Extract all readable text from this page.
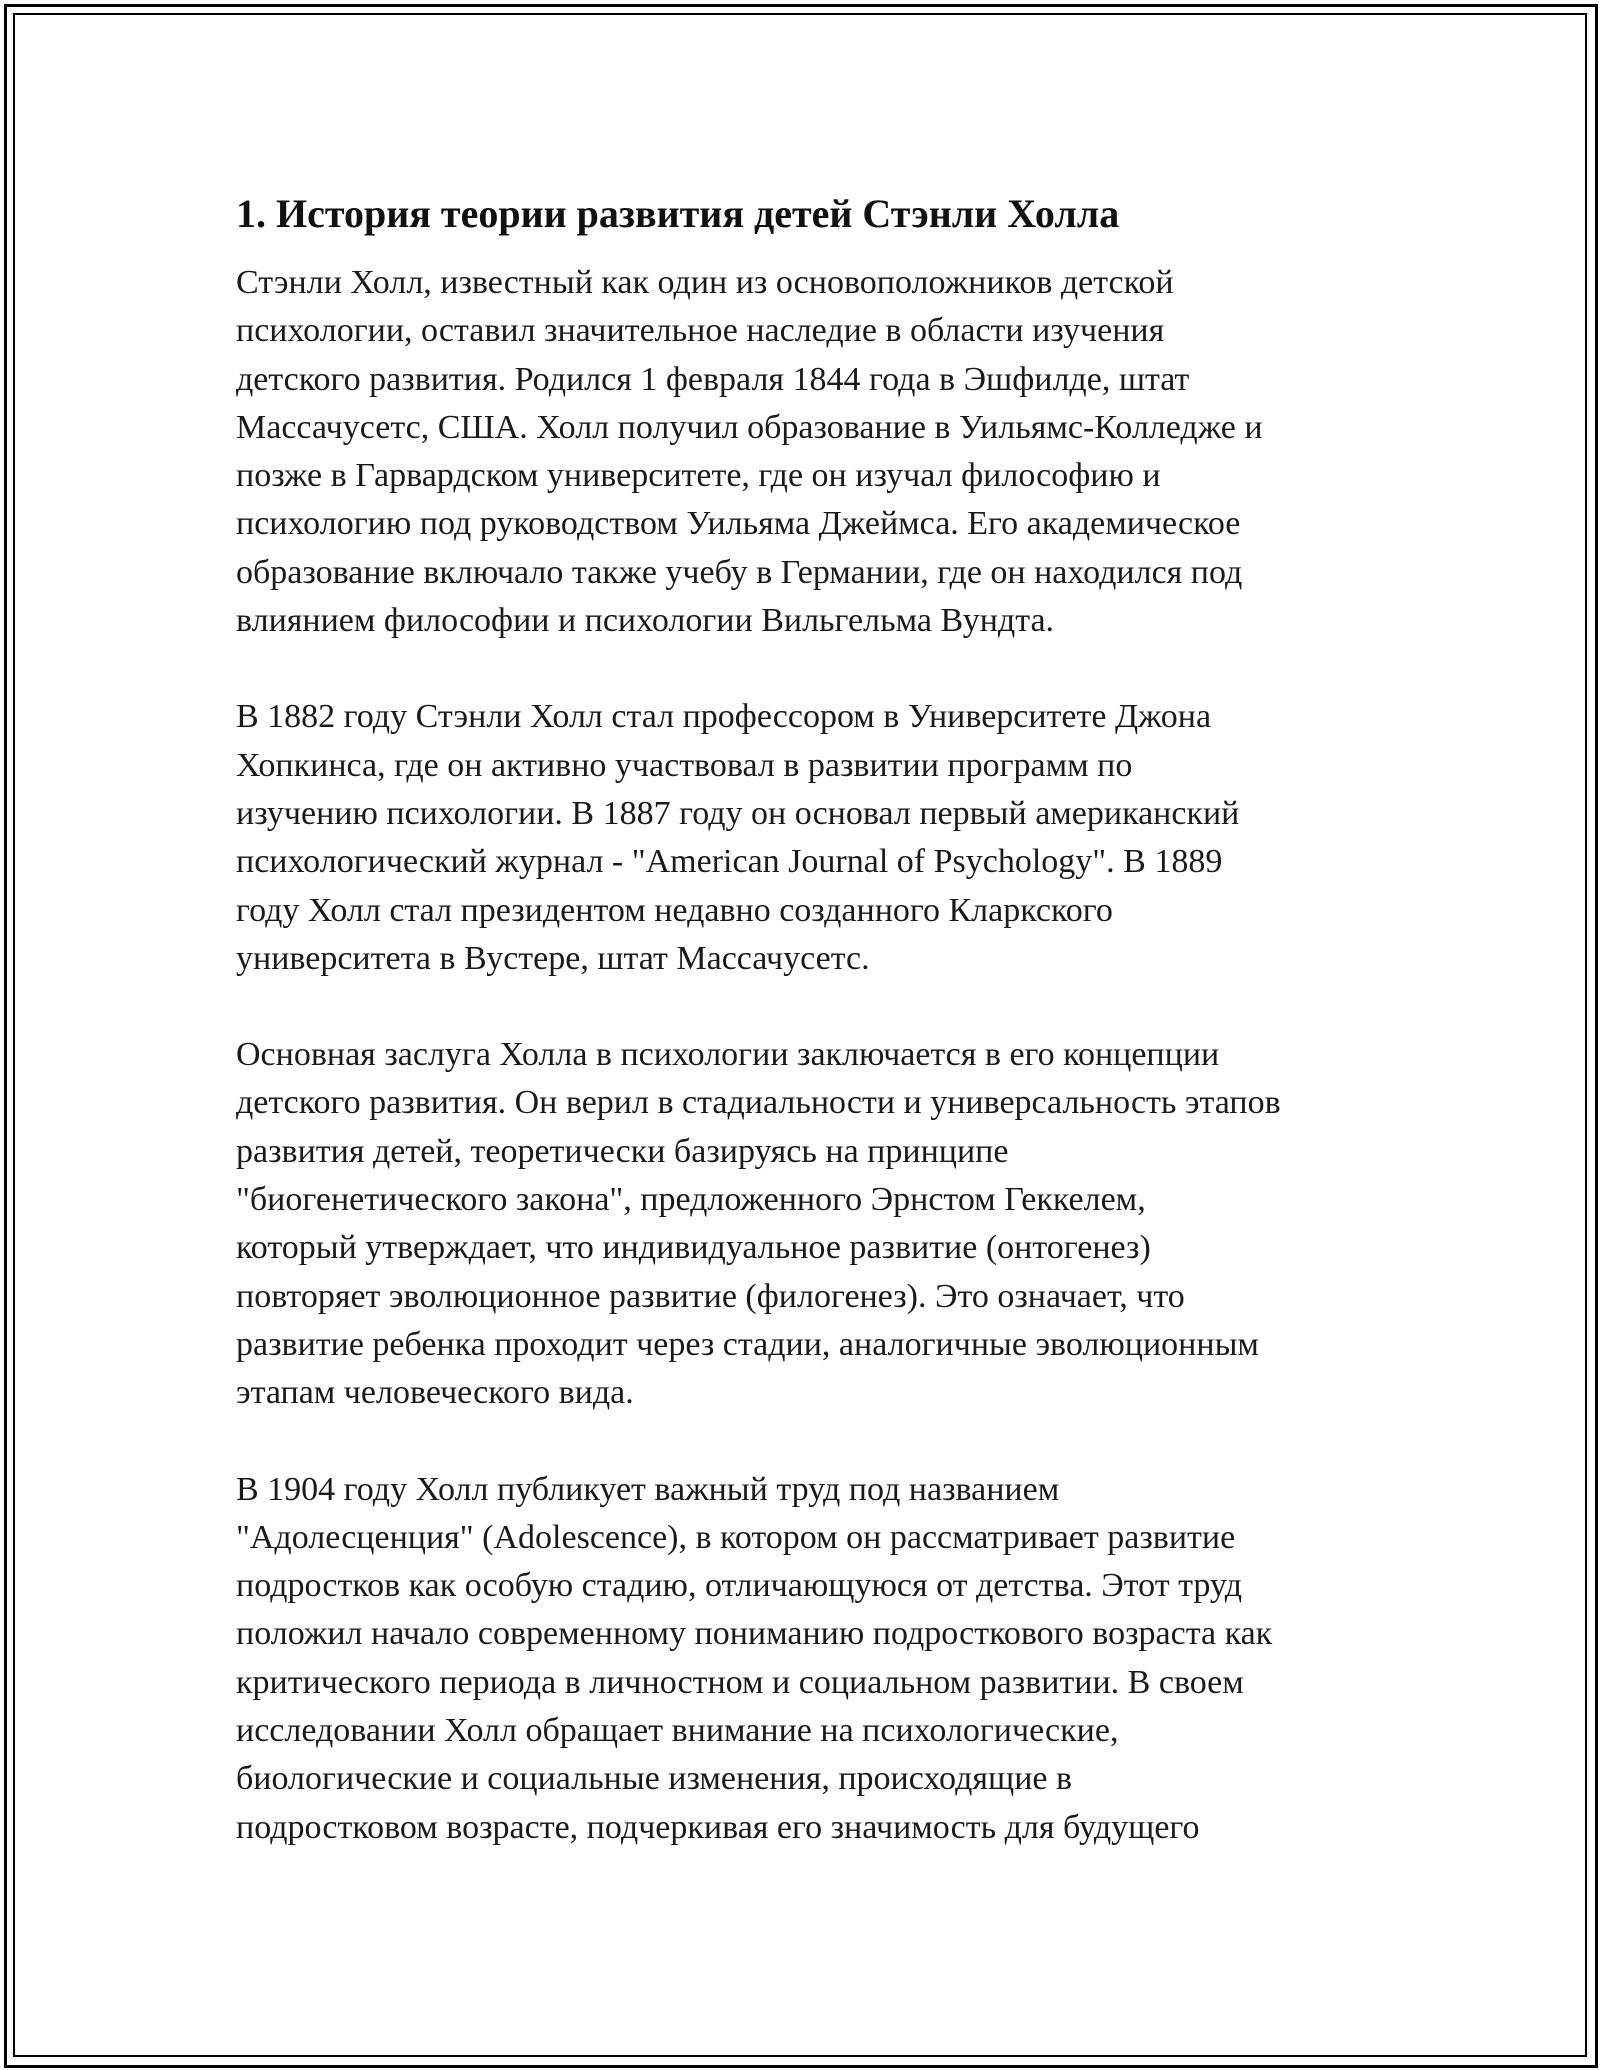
1. История теории развития детей Стэнли Холла

Стэнли Холл, известный как один из основоположников детской
психологии, оставил значительное наследие в области изучения
детского развития. Родился 1 февраля 1844 года в Эшфилде, штат
Массачусетс, США. Холл получил образование в Уильямс-Колледже и
позже в Гарвардском университете, где он изучал философию и
психологию под руководством Уильяма Джеймса. Его академическое
образование включало также учебу в Германии, где он находился под
влиянием философии и психологии Вильгельма Вундта.

В 1882 году Стэнли Холл стал профессором в Университете Джона
Хопкинса, где он активно участвовал в развитии программ по
изучению психологии. В 1887 году он основал первый американский
психологический журнал - "American Journal of Psychology". В 1889
году Холл стал президентом недавно созданного Кларкского
университета в Вустере, штат Массачусетс.

Основная заслуга Холла в психологии заключается в его концепции
детского развития. Он верил в стадиальности и универсальность этапов
развития детей, теоретически базируясь на принципе
"биогенетического закона", предложенного Эрнстом Геккелем,
который утверждает, что индивидуальное развитие (онтогенез)
повторяет эволюционное развитие (филогенез). Это означает, что
развитие ребенка проходит через стадии, аналогичные эволюционным
этапам человеческого вида.

В 1904 году Холл публикует важный труд под названием
"Адолесценция" (Adolescence), в котором он рассматривает развитие
подростков как особую стадию, отличающуюся от детства. Этот труд
положил начало современному пониманию подросткового возраста как
критического периода в личностном и социальном развитии. В своем
исследовании Холл обращает внимание на психологические,
биологические и социальные изменения, происходящие в
подростковом возрасте, подчеркивая его значимость для будущего
